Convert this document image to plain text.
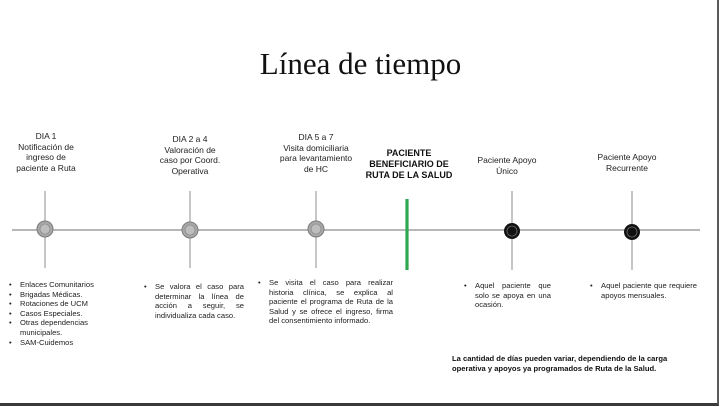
Línea de tiempo
DIA 1
Notificación de
ingreso de
paciente a Ruta
DIA 2 a 4
Valoración de
caso por Coord.
Operativa
DIA 5 a 7
Visita domiciliaria
para levantamiento
de HC
PACIENTE
BENEFICIARIO DE
RUTA DE LA SALUD
Paciente Apoyo
Único
Paciente Apoyo
Recurrente
• Enlaces Comunitarios
• Brigadas Médicas.
• Rotaciones de UCM
• Casos Especiales.
• Otras dependencias municipales.
• SAM-Cuidemos
• Se valora el caso para determinar la línea de acción a seguir, se individualiza cada caso.
• Se visita el caso para realizar historia clínica, se explica al paciente el programa de Ruta de la Salud y se ofrece el ingreso, firma del consentimiento informado.
• Aquel paciente que solo se apoya en una ocasión.
• Aquel paciente que requiere apoyos mensuales.
La cantidad de días pueden variar, dependiendo de la carga operativa y apoyos ya programados de Ruta de la Salud.
